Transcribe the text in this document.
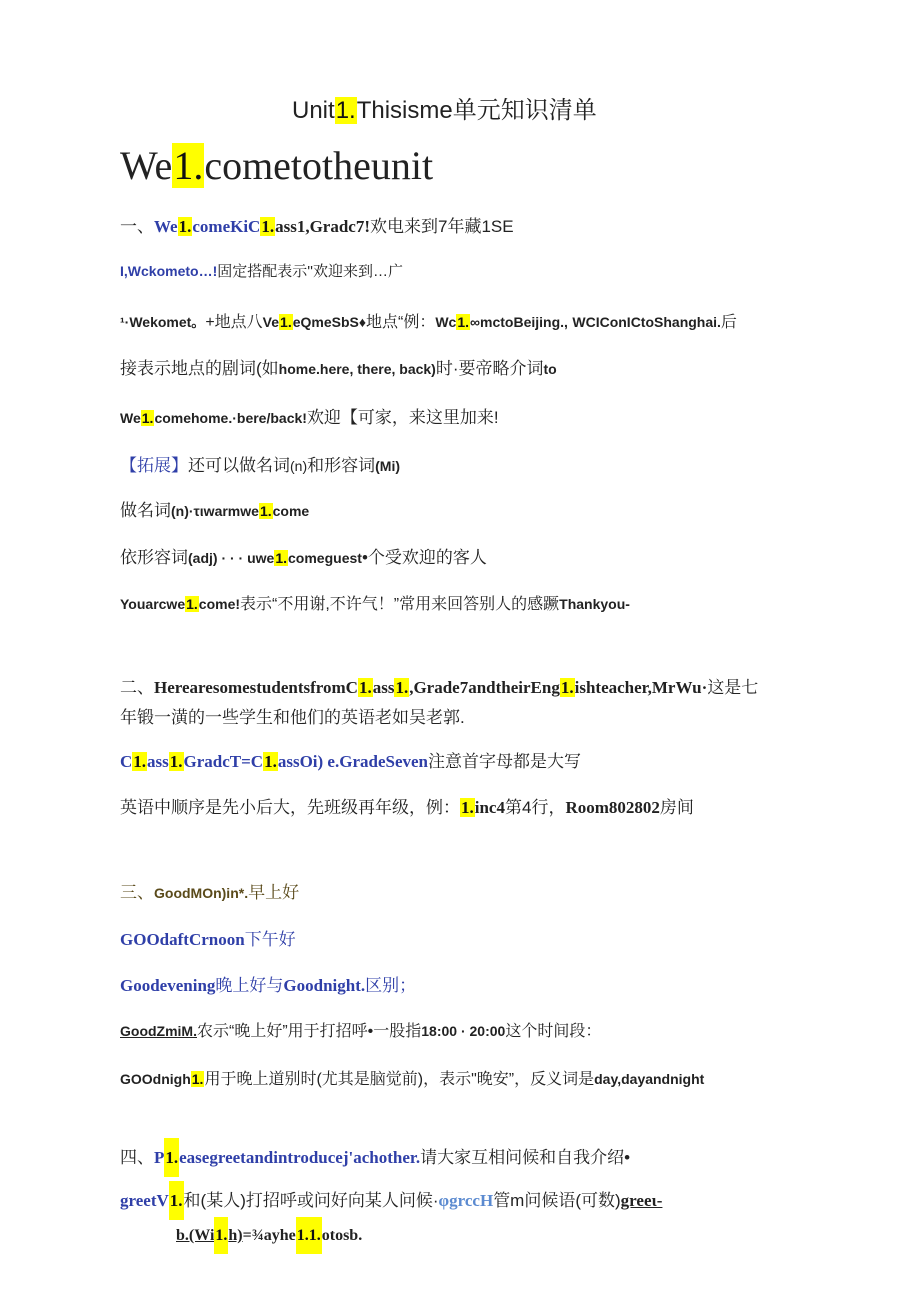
Unit1.Thisisme单元知识清单
We1.cometotheunit
一、We1.comeKiC1.ass1,Gradc7!欢电来到7年藏1SE
I,Wckometo…!固定搭配表示''欢迎来到…广
¹·Wekomet。+地点八Ve1.eQmeSbS♦地点“例：Wc1.∞mctoBeijing., WCIConICtoShanghai.后
接表示地点的剧词(如home.here, there, back)时·要帝略介词to
We1.comehome.·bere/back!欢迎【可家，来这里加来!
【拓展】还可以做名词(n)和形容词(Mi)
做名词(n)·τιwarmwe1.come
依形容词(adj) · · · uwe1.comeguest•个受欢迎的客人
Youarcwe1.come!表示“不用谢,不许气！”常用来回答别人的感蹶Thankyou-
二、HerearesomestudentsfromC1.ass1.,Grade7andtheirEng1.ishteacher,MrWu·这是七
年锻一潢的一些学生和他们的英语老如吴老郭.
C1.ass1.GradcT=C1.assOi) e.GradeSeven注意首字母都是大写
英语中顺序是先小后大，先班级再年级，例：1.inc4第4行，Room802802房间
三、GoodMOn)in*.早上好
GOOdaftCrnoon下午好
Goodevening晚上好与Goodnight.区别；
GoodZmiM.农示“晚上好”用于打招呼•一股指18:00 · 20:00这个时间段：
GOOdnigh1.用于晚上道别时(尤其是脑觉前)，表示"晚安”，反义词是day,dayandnight
四、P1.easegreetandintroducej'achother.请大家互相问候和自我介绍•
greetV1.和(某人)打招呼或问好向某人问候·φgrccH管m问候语(可数)greeι-
b.(Wi1.h)=¾ayhe1.1.otosb.
